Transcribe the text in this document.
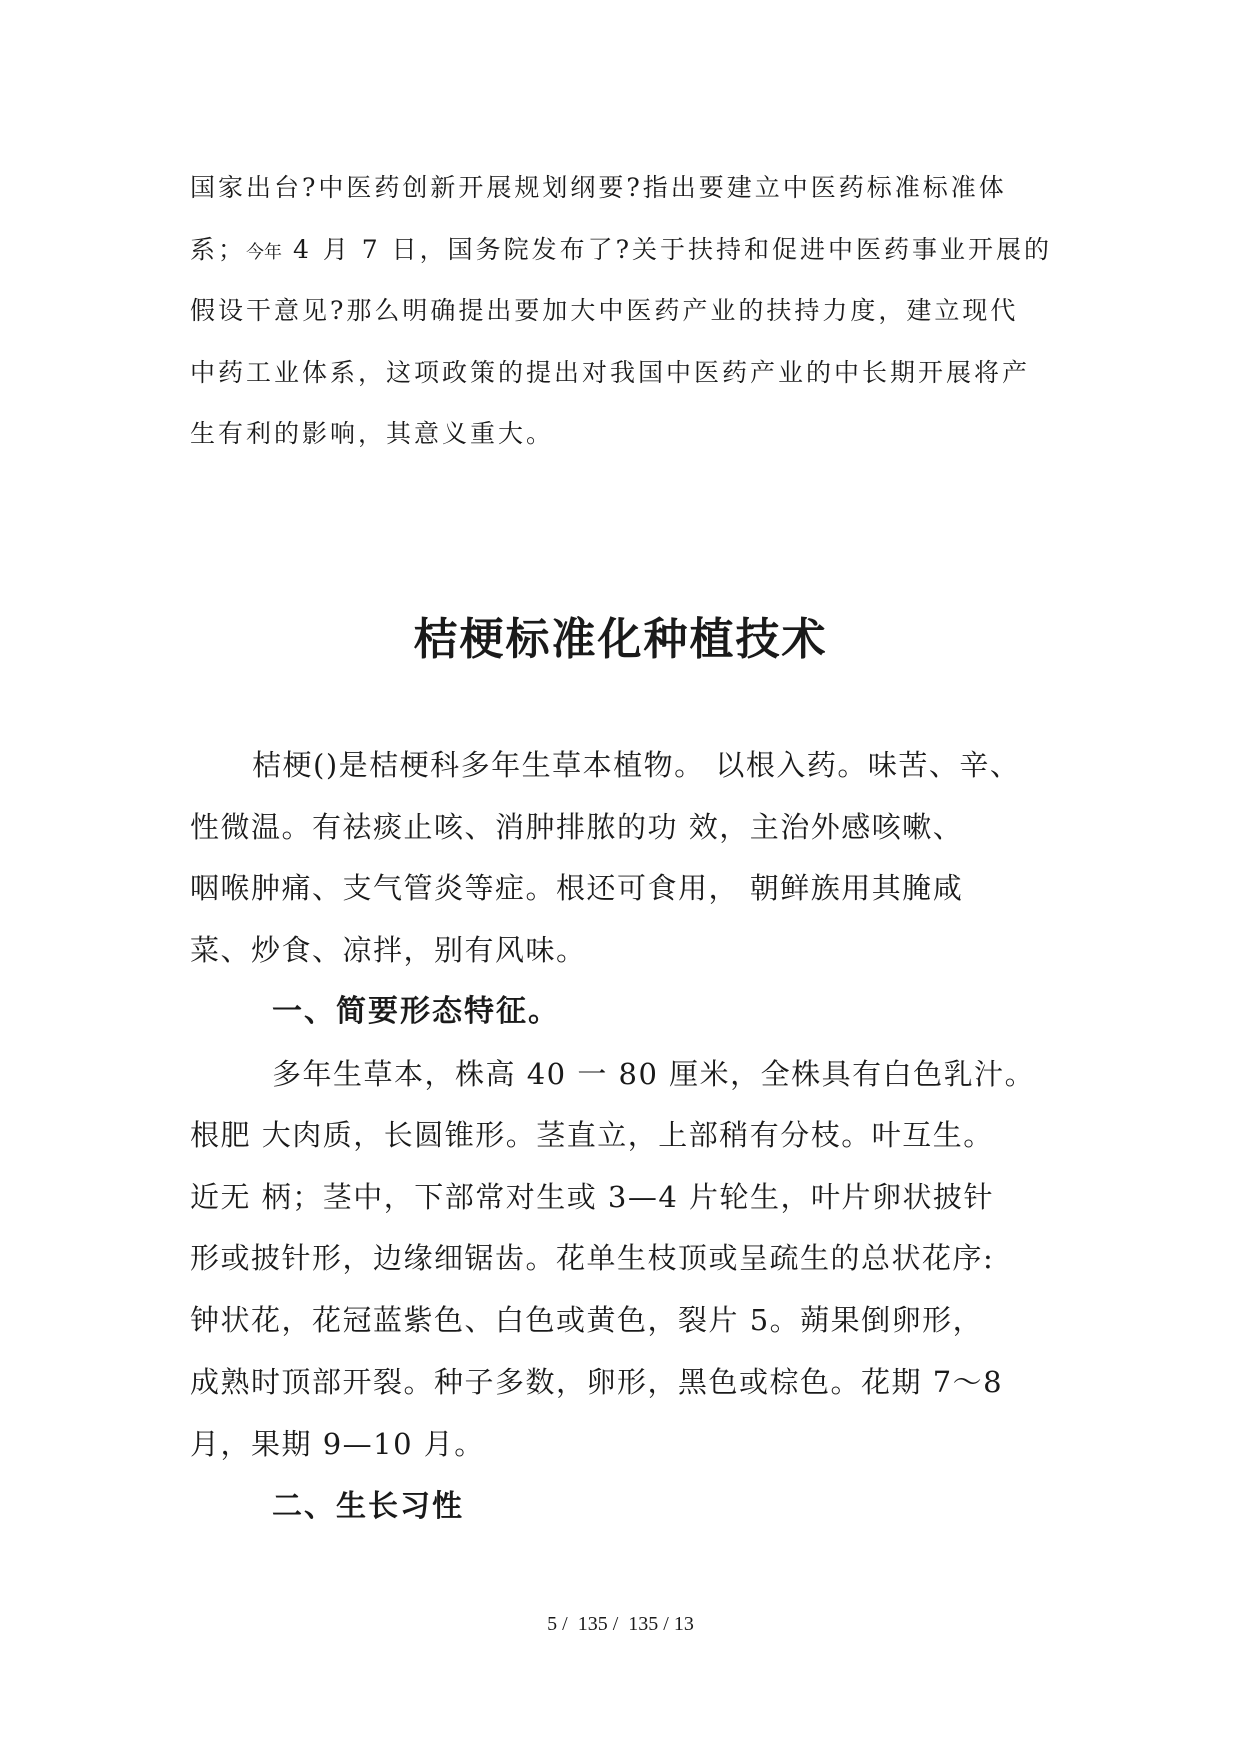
国家出台?中医药创新开展规划纲要?指出要建立中医药标准标准体
系；今年 4 月 7 日，国务院发布了?关于扶持和促进中医药事业开展的
假设干意见?那么明确提出要加大中医药产业的扶持力度，建立现代
中药工业体系，这项政策的提出对我国中医药产业的中长期开展将产
生有利的影响，其意义重大。
桔梗标准化种植技术
桔梗()是桔梗科多年生草本植物。 以根入药。味苦、辛、
性微温。有祛痰止咳、消肿排脓的功 效，主治外感咳嗽、
咽喉肿痛、支气管炎等症。根还可食用， 朝鲜族用其腌咸
菜、炒食、凉拌，别有风味。
一、简要形态特征。
多年生草本，株高 40 一 80 厘米，全株具有白色乳汁。
根肥 大肉质，长圆锥形。茎直立，上部稍有分枝。叶互生。
近无 柄；茎中，下部常对生或 3—4 片轮生，叶片卵状披针
形或披针形，边缘细锯齿。花单生枝顶或呈疏生的总状花序:
钟状花，花冠蓝紫色、白色或黄色，裂片 5。蒴果倒卵形，
成熟时顶部开裂。种子多数，卵形，黑色或棕色。花期 7～8
月，果期 9—10 月。
二、生长习性
5 /  135 /  135 / 13
